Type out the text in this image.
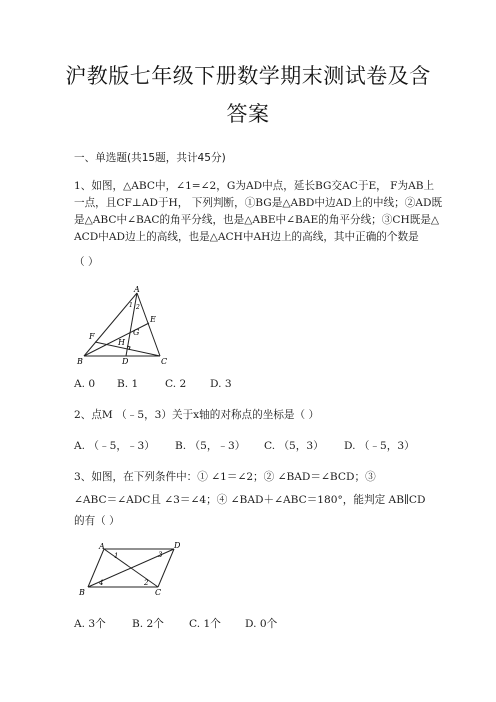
沪教版七年级下册数学期末测试卷及含
答案
一、单选题(共15题，共计45分)
1、如图，△ABC中，∠1=∠2，G为AD中点，延长BG交AC于E， F为AB上
一点，且CF⊥AD于H， 下列判断，①BG是△ABD中边AD上的中线；②AD既
是△ABC中∠BAC的角平分线，也是△ABE中∠BAE的角平分线；③CH既是△
ACD中AD边上的高线，也是△ACH中AH边上的高线，其中正确的个数是
（ ）
A
B	C
D
E
F	G
H
1 2
A. 0 B. 1	C. 2 D. 3
2、点M （﹣5，3）关于x轴的对称点的坐标是（ ）
A. （﹣5，﹣3） B. （5，﹣3） C. （5，3） D. （﹣5，3）
3、如图，在下列条件中：① ∠1＝∠2；② ∠BAD＝∠BCD；③
∠ABC＝∠ADC且 ∠3＝∠4；④ ∠BAD＋∠ABC＝180°，能判定 AB∥CD
的有（ ）
A
B	C
D
1
2
3
4
A. 3个 B. 2个 C. 1个 D. 0个
